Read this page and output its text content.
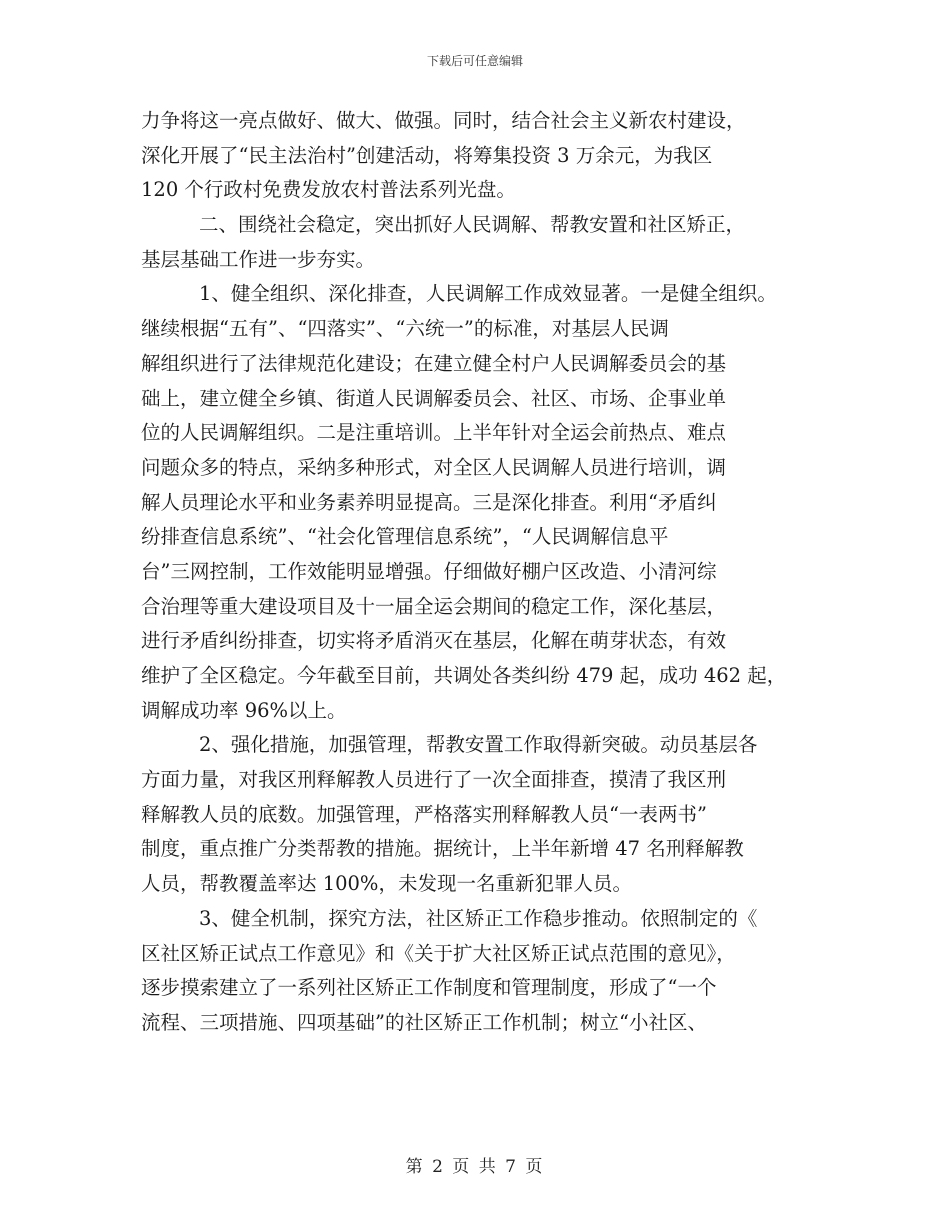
下载后可任意编辑
力争将这一亮点做好、做大、做强。同时，结合社会主义新农村建设，
深化开展了“民主法治村”创建活动，将筹集投资 3 万余元，为我区
120 个行政村免费发放农村普法系列光盘。
二、围绕社会稳定，突出抓好人民调解、帮教安置和社区矫正，
基层基础工作进一步夯实。
1、健全组织、深化排查，人民调解工作成效显著。一是健全组织。
继续根据“五有”、“四落实”、“六统一”的标准，对基层人民调
解组织进行了法律规范化建设；在建立健全村户人民调解委员会的基
础上，建立健全乡镇、街道人民调解委员会、社区、市场、企事业单
位的人民调解组织。二是注重培训。上半年针对全运会前热点、难点
问题众多的特点，采纳多种形式，对全区人民调解人员进行培训，调
解人员理论水平和业务素养明显提高。三是深化排查。利用“矛盾纠
纷排查信息系统”、“社会化管理信息系统”，“人民调解信息平
台”三网控制，工作效能明显增强。仔细做好棚户区改造、小清河综
合治理等重大建设项目及十一届全运会期间的稳定工作，深化基层，
进行矛盾纠纷排查，切实将矛盾消灭在基层，化解在萌芽状态，有效
维护了全区稳定。今年截至目前，共调处各类纠纷 479 起，成功 462 起，
调解成功率 96%以上。
2、强化措施，加强管理，帮教安置工作取得新突破。动员基层各
方面力量，对我区刑释解教人员进行了一次全面排查，摸清了我区刑
释解教人员的底数。加强管理，严格落实刑释解教人员“一表两书”
制度，重点推广分类帮教的措施。据统计，上半年新增 47 名刑释解教
人员，帮教覆盖率达 100%，未发现一名重新犯罪人员。
3、健全机制，探究方法，社区矫正工作稳步推动。依照制定的《
区社区矫正试点工作意见》和《关于扩大社区矫正试点范围的意见》，
逐步摸索建立了一系列社区矫正工作制度和管理制度，形成了“一个
流程、三项措施、四项基础”的社区矫正工作机制；树立“小社区、
第 2 页 共 7 页
